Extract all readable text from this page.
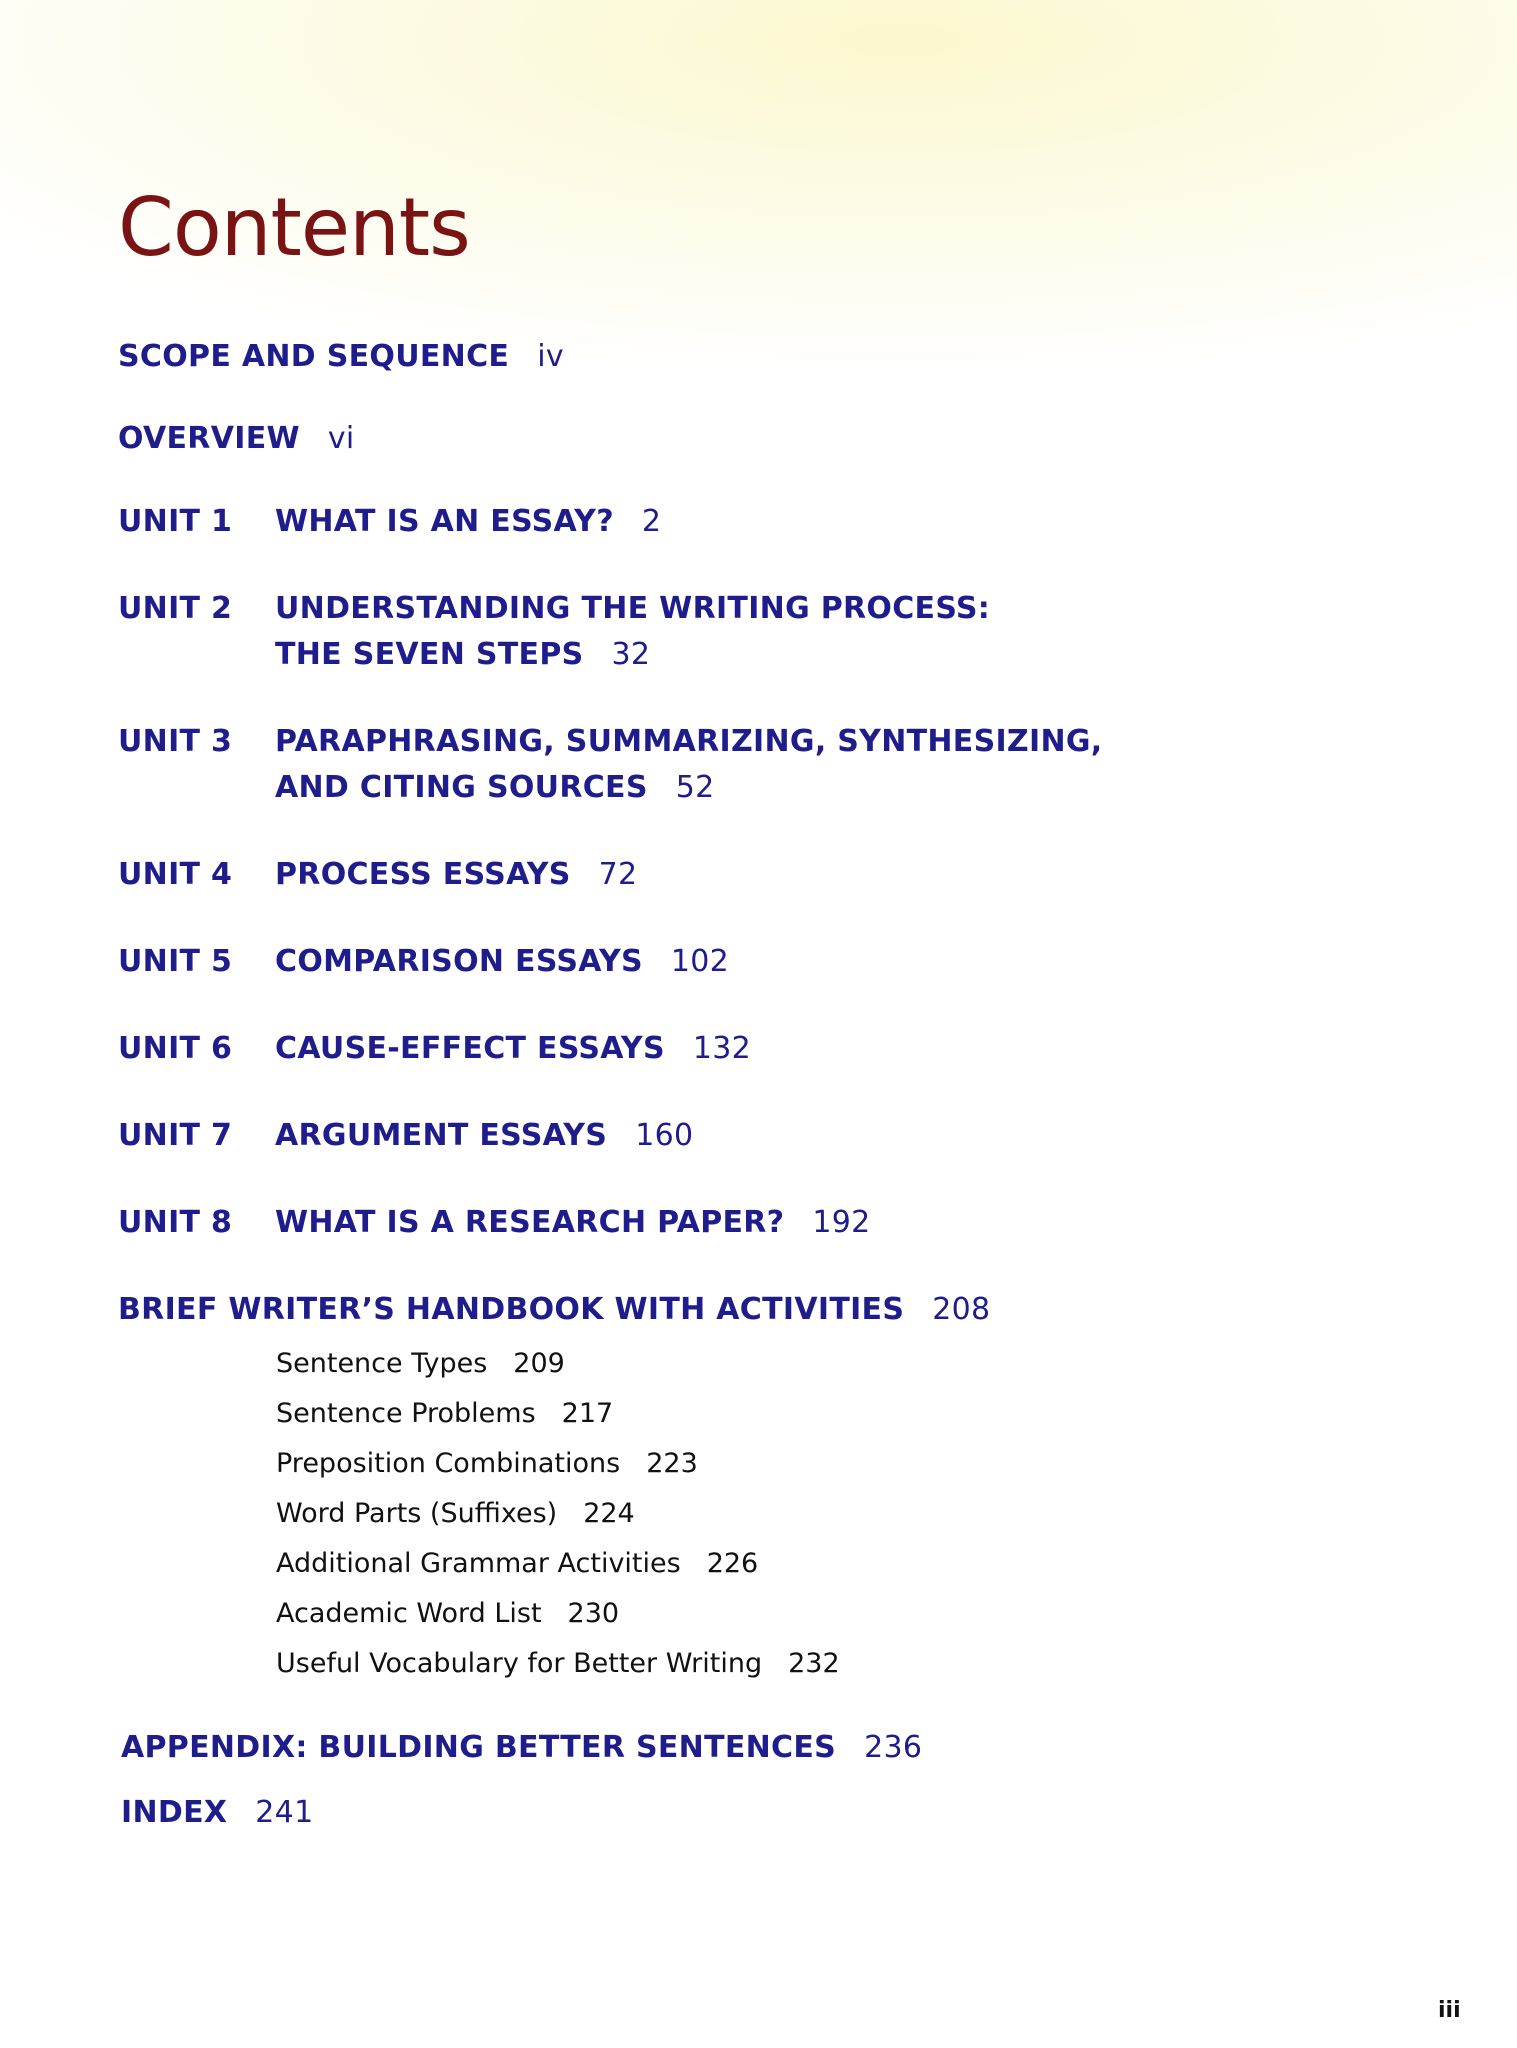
Contents
SCOPE AND SEQUENCE iv
OVERVIEW vi
UNIT 1 WHAT IS AN ESSAY? 2
UNIT 2 UNDERSTANDING THE WRITING PROCESS:
THE SEVEN STEPS 32
UNIT 3 PARAPHRASING, SUMMARIZING, SYNTHESIZING,
AND CITING SOURCES 52
UNIT 4 PROCESS ESSAYS 72
UNIT 5 COMPARISON ESSAYS 102
UNIT 6 CAUSE-EFFECT ESSAYS 132
UNIT 7 ARGUMENT ESSAYS 160
UNIT 8 WHAT IS A RESEARCH PAPER? 192
BRIEF WRITER’S HANDBOOK WITH ACTIVITIES 208
Sentence Types 209
Sentence Problems 217
Preposition Combinations 223
Word Parts (Suffixes) 224
Additional Grammar Activities 226
Academic Word List 230
Useful Vocabulary for Better Writing 232
APPENDIX: BUILDING BETTER SENTENCES 236
INDEX 241
iii
